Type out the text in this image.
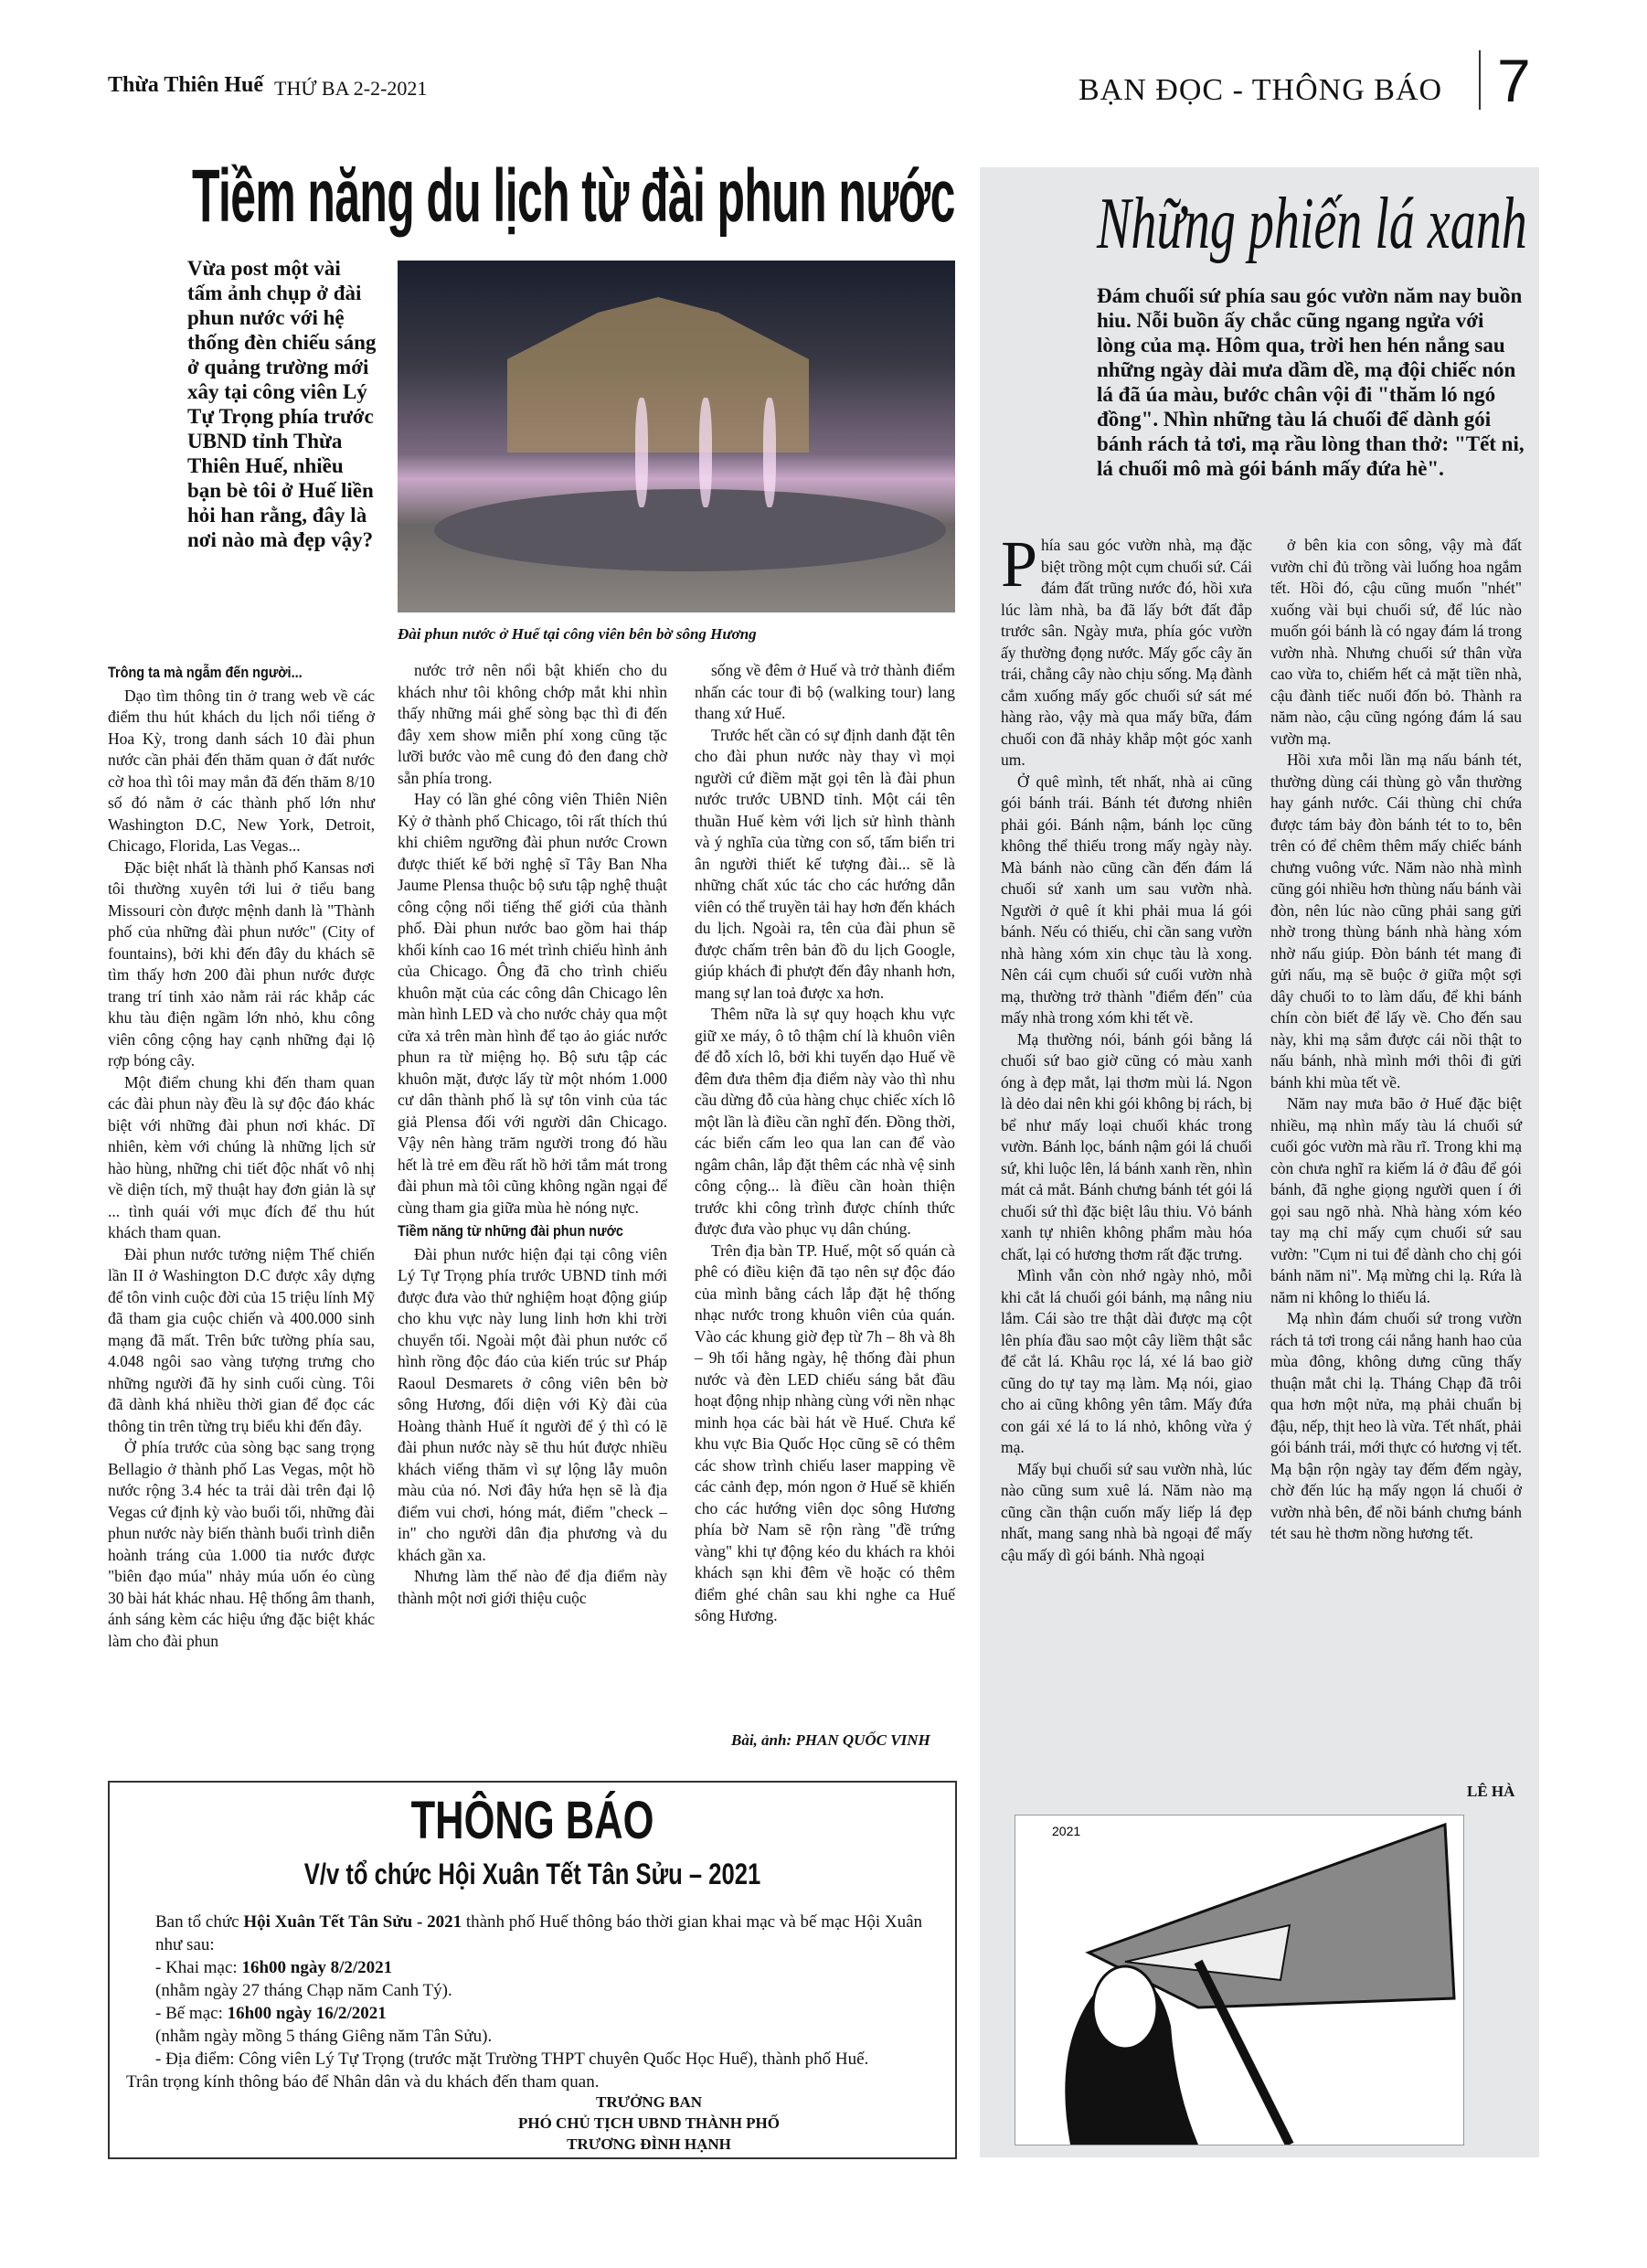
Thừa Thiên Huế THỨ BA 2-2-2021	BẠN ĐỌC - THÔNG BÁO 7
Tiềm năng du lịch từ đài phun nước
Vừa post một vài tấm ảnh chụp ở đài phun nước với hệ thống đèn chiếu sáng ở quảng trường mới xây tại công viên Lý Tự Trọng phía trước UBND tỉnh Thừa Thiên Huế, nhiều bạn bè tôi ở Huế liền hỏi han rằng, đây là nơi nào mà đẹp vậy?
Đài phun nước ở Huế tại công viên bên bờ sông Hương
Trông ta mà ngẫm đến người...

Dạo tìm thông tin ở trang web về các điểm thu hút khách du lịch nổi tiếng ở Hoa Kỳ, trong danh sách 10 đài phun nước cần phải đến thăm quan ở đất nước cờ hoa thì tôi may mắn đã đến thăm 8/10 số đó nằm ở các thành phố lớn như Washington D.C, New York, Detroit, Chicago, Florida, Las Vegas...

Đặc biệt nhất là thành phố Kansas nơi tôi thường xuyên tới lui ở tiểu bang Missouri còn được mệnh danh là "Thành phố của những đài phun nước" (City of fountains), bởi khi đến đây du khách sẽ tìm thấy hơn 200 đài phun nước được trang trí tinh xảo nằm rải rác khắp các khu tàu điện ngầm lớn nhỏ, khu công viên công cộng hay cạnh những đại lộ rợp bóng cây.

Một điểm chung khi đến tham quan các đài phun này đều là sự độc đáo khác biệt với những đài phun nơi khác. Dĩ nhiên, kèm với chúng là những lịch sử hào hùng, những chi tiết độc nhất vô nhị về diện tích, mỹ thuật hay đơn giản là sự ... tình quái với mục đích để thu hút khách tham quan.

Đài phun nước tưởng niệm Thế chiến lần II ở Washington D.C được xây dựng để tôn vinh cuộc đời của 15 triệu lính Mỹ đã tham gia cuộc chiến và 400.000 sinh mạng đã mất. Trên bức tường phía sau, 4.048 ngôi sao vàng tượng trưng cho những người đã hy sinh cuối cùng. Tôi đã dành khá nhiều thời gian để đọc các thông tin trên từng trụ biểu khi đến đây.

Ở phía trước của sòng bạc sang trọng Bellagio ở thành phố Las Vegas, một hồ nước rộng 3.4 héc ta trải dài trên đại lộ Vegas cứ định kỳ vào buổi tối, những đài phun nước này biến thành buổi trình diễn hoành tráng của 1.000 tia nước được "biên đạo múa" nhảy múa uốn éo cùng 30 bài hát khác nhau. Hệ thống âm thanh, ánh sáng kèm các hiệu ứng đặc biệt khác làm cho đài phun

nước trở nên nổi bật khiến cho du khách như tôi không chớp mắt khi nhìn thấy những mái ghế sòng bạc thì đi đến đây xem show miễn phí xong cũng tặc lưỡi bước vào mê cung đỏ đen đang chờ sẵn phía trong.

Hay có lần ghé công viên Thiên Niên Kỷ ở thành phố Chicago, tôi rất thích thú khi chiêm ngưỡng đài phun nước Crown được thiết kế bởi nghệ sĩ Tây Ban Nha Jaume Plensa thuộc bộ sưu tập nghệ thuật công cộng nổi tiếng thế giới của thành phố. Đài phun nước bao gồm hai tháp khối kính cao 16 mét trình chiếu hình ảnh của Chicago. Ông đã cho trình chiếu khuôn mặt của các công dân Chicago lên màn hình LED và cho nước chảy qua một cửa xả trên màn hình để tạo ảo giác nước phun ra từ miệng họ. Bộ sưu tập các khuôn mặt, được lấy từ một nhóm 1.000 cư dân thành phố là sự tôn vinh của tác giả Plensa đối với người dân Chicago. Vậy nên hàng trăm người trong đó hầu hết là trẻ em đều rất hồ hởi tắm mát trong đài phun mà tôi cũng không ngần ngại để cùng tham gia giữa mùa hè nóng nực.

Tiềm năng từ những đài phun nước

Đài phun nước hiện đại tại công viên Lý Tự Trọng phía trước UBND tỉnh mới được đưa vào thử nghiệm hoạt động giúp cho khu vực này lung linh hơn khi trời chuyển tối. Ngoài một đài phun nước cổ hình rồng độc đáo của kiến trúc sư Pháp Raoul Desmarets ở công viên bên bờ sông Hương, đối diện với Kỳ đài của Hoàng thành Huế ít người để ý thì có lẽ đài phun nước này sẽ thu hút được nhiều khách viếng thăm vì sự lộng lẫy muôn màu của nó. Nơi đây hứa hẹn sẽ là địa điểm vui chơi, hóng mát, điểm "check – in" cho người dân địa phương và du khách gần xa.

Nhưng làm thế nào để địa điểm này thành một nơi giới thiệu cuộc

sống về đêm ở Huế và trở thành điểm nhấn các tour đi bộ (walking tour) lang thang xứ Huế.

Trước hết cần có sự định danh đặt tên cho đài phun nước này thay vì mọi người cứ điềm mặt gọi tên là đài phun nước trước UBND tỉnh. Một cái tên thuần Huế kèm với lịch sử hình thành và ý nghĩa của từng con số, tấm biển tri ân người thiết kế tượng đài... sẽ là những chất xúc tác cho các hướng dẫn viên có thể truyền tải hay hơn đến khách du lịch. Ngoài ra, tên của đài phun sẽ được chấm trên bản đồ du lịch Google, giúp khách đi phượt đến đây nhanh hơn, mang sự lan toả được xa hơn.

Thêm nữa là sự quy hoạch khu vực giữ xe máy, ô tô thậm chí là khuôn viên để đỗ xích lô, bởi khi tuyến dạo Huế về đêm đưa thêm địa điểm này vào thì nhu cầu dừng đỗ của hàng chục chiếc xích lô một lần là điều cần nghĩ đến. Đồng thời, các biển cấm leo qua lan can để vào ngâm chân, lắp đặt thêm các nhà vệ sinh công cộng... là điều cần hoàn thiện trước khi công trình được chính thức được đưa vào phục vụ dân chúng.

Trên địa bàn TP. Huế, một số quán cà phê có điều kiện đã tạo nên sự độc đáo của mình bằng cách lắp đặt hệ thống nhạc nước trong khuôn viên của quán. Vào các khung giờ đẹp từ 7h – 8h và 8h – 9h tối hằng ngày, hệ thống đài phun nước và đèn LED chiếu sáng bắt đầu hoạt động nhịp nhàng cùng với nền nhạc minh họa các bài hát về Huế. Chưa kể khu vực Bia Quốc Học cũng sẽ có thêm các show trình chiếu laser mapping về các cảnh đẹp, món ngon ở Huế sẽ khiến cho các hướng viên dọc sông Hương phía bờ Nam sẽ rộn ràng "đề trứng vàng" khi tự động kéo du khách ra khỏi khách sạn khi đêm về hoặc có thêm điểm ghé chân sau khi nghe ca Huế sông Hương.

Bài, ảnh: PHAN QUỐC VINH
THÔNG BÁO
V/v tổ chức Hội Xuân Tết Tân Sửu – 2021
Ban tổ chức Hội Xuân Tết Tân Sửu - 2021 thành phố Huế thông báo thời gian khai mạc và bế mạc Hội Xuân như sau:
- Khai mạc: 16h00 ngày 8/2/2021
(nhằm ngày 27 tháng Chạp năm Canh Tý).
- Bế mạc: 16h00 ngày 16/2/2021
(nhằm ngày mồng 5 tháng Giêng năm Tân Sửu).
- Địa điểm: Công viên Lý Tự Trọng (trước mặt Trường THPT chuyên Quốc Học Huế), thành phố Huế.
Trân trọng kính thông báo để Nhân dân và du khách đến tham quan.
TRƯỞNG BAN
PHÓ CHỦ TỊCH UBND THÀNH PHỐ
TRƯƠNG ĐÌNH HẠNH
Những phiến lá xanh
Đám chuối sứ phía sau góc vườn năm nay buồn hiu. Nỗi buồn ấy chắc cũng ngang ngửa với lòng của mạ. Hôm qua, trời hen hén nắng sau những ngày dài mưa dầm dề, mạ đội chiếc nón lá đã úa màu, bước chân vội đi "thăm ló ngó đồng". Nhìn những tàu lá chuối để dành gói bánh rách tả tơi, mạ rầu lòng than thở: "Tết ni, lá chuối mô mà gói bánh mấy đứa hè".

Phía sau góc vườn nhà, mạ đặc biệt trồng một cụm chuối sứ. Cái đám đất trũng nước đó, hồi xưa lúc làm nhà, ba đã lấy bớt đất đắp trước sân. Ngày mưa, phía góc vườn ấy thường đọng nước. Mấy gốc cây ăn trái, chẳng cây nào chịu sống. Mạ đành cắm xuống mấy gốc chuối sứ sát mé hàng rào, vậy mà qua mấy bữa, đám chuối con đã nhảy khắp một góc xanh um.

Ở quê mình, tết nhất, nhà ai cũng gói bánh trái. Bánh tét đương nhiên phải gói. Bánh nậm, bánh lọc cũng không thể thiếu trong mấy ngày này. Mà bánh nào cũng cần đến đám lá chuối sứ xanh um sau vườn nhà. Người ở quê ít khi phải mua lá gói bánh. Nếu có thiếu, chỉ cần sang vườn nhà hàng xóm xin chục tàu là xong. Nên cái cụm chuối sứ cuối vườn nhà mạ, thường trở thành "điểm đến" của mấy nhà trong xóm khi tết về.

Mạ thường nói, bánh gói bằng lá chuối sứ bao giờ cũng có màu xanh óng à đẹp mắt, lại thơm mùi lá. Ngon là dẻo dai nên khi gói không bị rách, bị bể như mấy loại chuối khác trong vườn. Bánh lọc, bánh nậm gói lá chuối sứ, khi luộc lên, lá bánh xanh rền, nhìn mát cả mắt. Bánh chưng bánh tét gói lá chuối sứ thì đặc biệt lâu thiu. Vỏ bánh xanh tự nhiên không phẩm màu hóa chất, lại có hương thơm rất đặc trưng.

Mình vẫn còn nhớ ngày nhỏ, mỗi khi cắt lá chuối gói bánh, mạ nâng niu lắm. Cái sào tre thật dài được mạ cột lên phía đầu sao một cây liềm thật sắc để cắt lá. Khâu rọc lá, xé lá bao giờ cũng do tự tay mạ làm. Mạ nói, giao cho ai cũng không yên tâm. Mấy đứa con gái xé lá to lá nhỏ, không vừa ý mạ.

Mấy bụi chuối sứ sau vườn nhà, lúc nào cũng sum xuê lá. Năm nào mạ cũng cần thận cuốn mấy liếp lá đẹp nhất, mang sang nhà bà ngoại để mấy cậu mấy dì gói bánh. Nhà ngoại

ở bên kia con sông, vậy mà đất vườn chỉ đủ trồng vài luống hoa ngắm tết. Hồi đó, cậu cũng muốn "nhét" xuống vài bụi chuối sứ, để lúc nào muốn gói bánh là có ngay đám lá trong vườn nhà. Nhưng chuối sứ thân vừa cao vừa to, chiếm hết cả mặt tiền nhà, cậu đành tiếc nuối đốn bỏ. Thành ra năm nào, cậu cũng ngóng đám lá sau vườn mạ.

Hồi xưa mỗi lần mạ nấu bánh tét, thường dùng cái thùng gò vẫn thường hay gánh nước. Cái thùng chỉ chứa được tám bảy đòn bánh tét to to, bên trên có để chêm thêm mấy chiếc bánh chưng vuông vức. Năm nào nhà mình cũng gói nhiều hơn thùng nấu bánh vài đòn, nên lúc nào cũng phải sang gửi nhờ trong thùng bánh nhà hàng xóm nhờ nấu giúp. Đòn bánh tét mang đi gửi nấu, mạ sẽ buộc ở giữa một sợi dây chuối to to làm dấu, để khi bánh chín còn biết để lấy về. Cho đến sau này, khi mạ sắm được cái nồi thật to nấu bánh, nhà mình mới thôi đi gửi bánh khi mùa tết về.

Năm nay mưa bão ở Huế đặc biệt nhiều, mạ nhìn mấy tàu lá chuối sứ cuối góc vườn mà rầu rĩ. Trong khi mạ còn chưa nghĩ ra kiếm lá ở đâu để gói bánh, đã nghe giọng người quen í ới gọi sau ngõ nhà. Nhà hàng xóm kéo tay mạ chỉ mấy cụm chuối sứ sau vườn: "Cụm ni tui để dành cho chị gói bánh năm ni". Mạ mừng chi lạ. Rứa là năm ni không lo thiếu lá.

Mạ nhìn đám chuối sứ trong vườn rách tả tơi trong cái nắng hanh hao của mùa đông, không dưng cũng thấy thuận mắt chi lạ. Tháng Chạp đã trôi qua hơn một nửa, mạ phải chuẩn bị đậu, nếp, thịt heo là vừa. Tết nhất, phải gói bánh trái, mới thực có hương vị tết. Mạ bận rộn ngày tay đếm đếm ngày, chờ đến lúc hạ mấy ngọn lá chuối ở vườn nhà bên, để nồi bánh chưng bánh tét sau hè thơm nồng hương tết.

LÊ HÀ
2021
